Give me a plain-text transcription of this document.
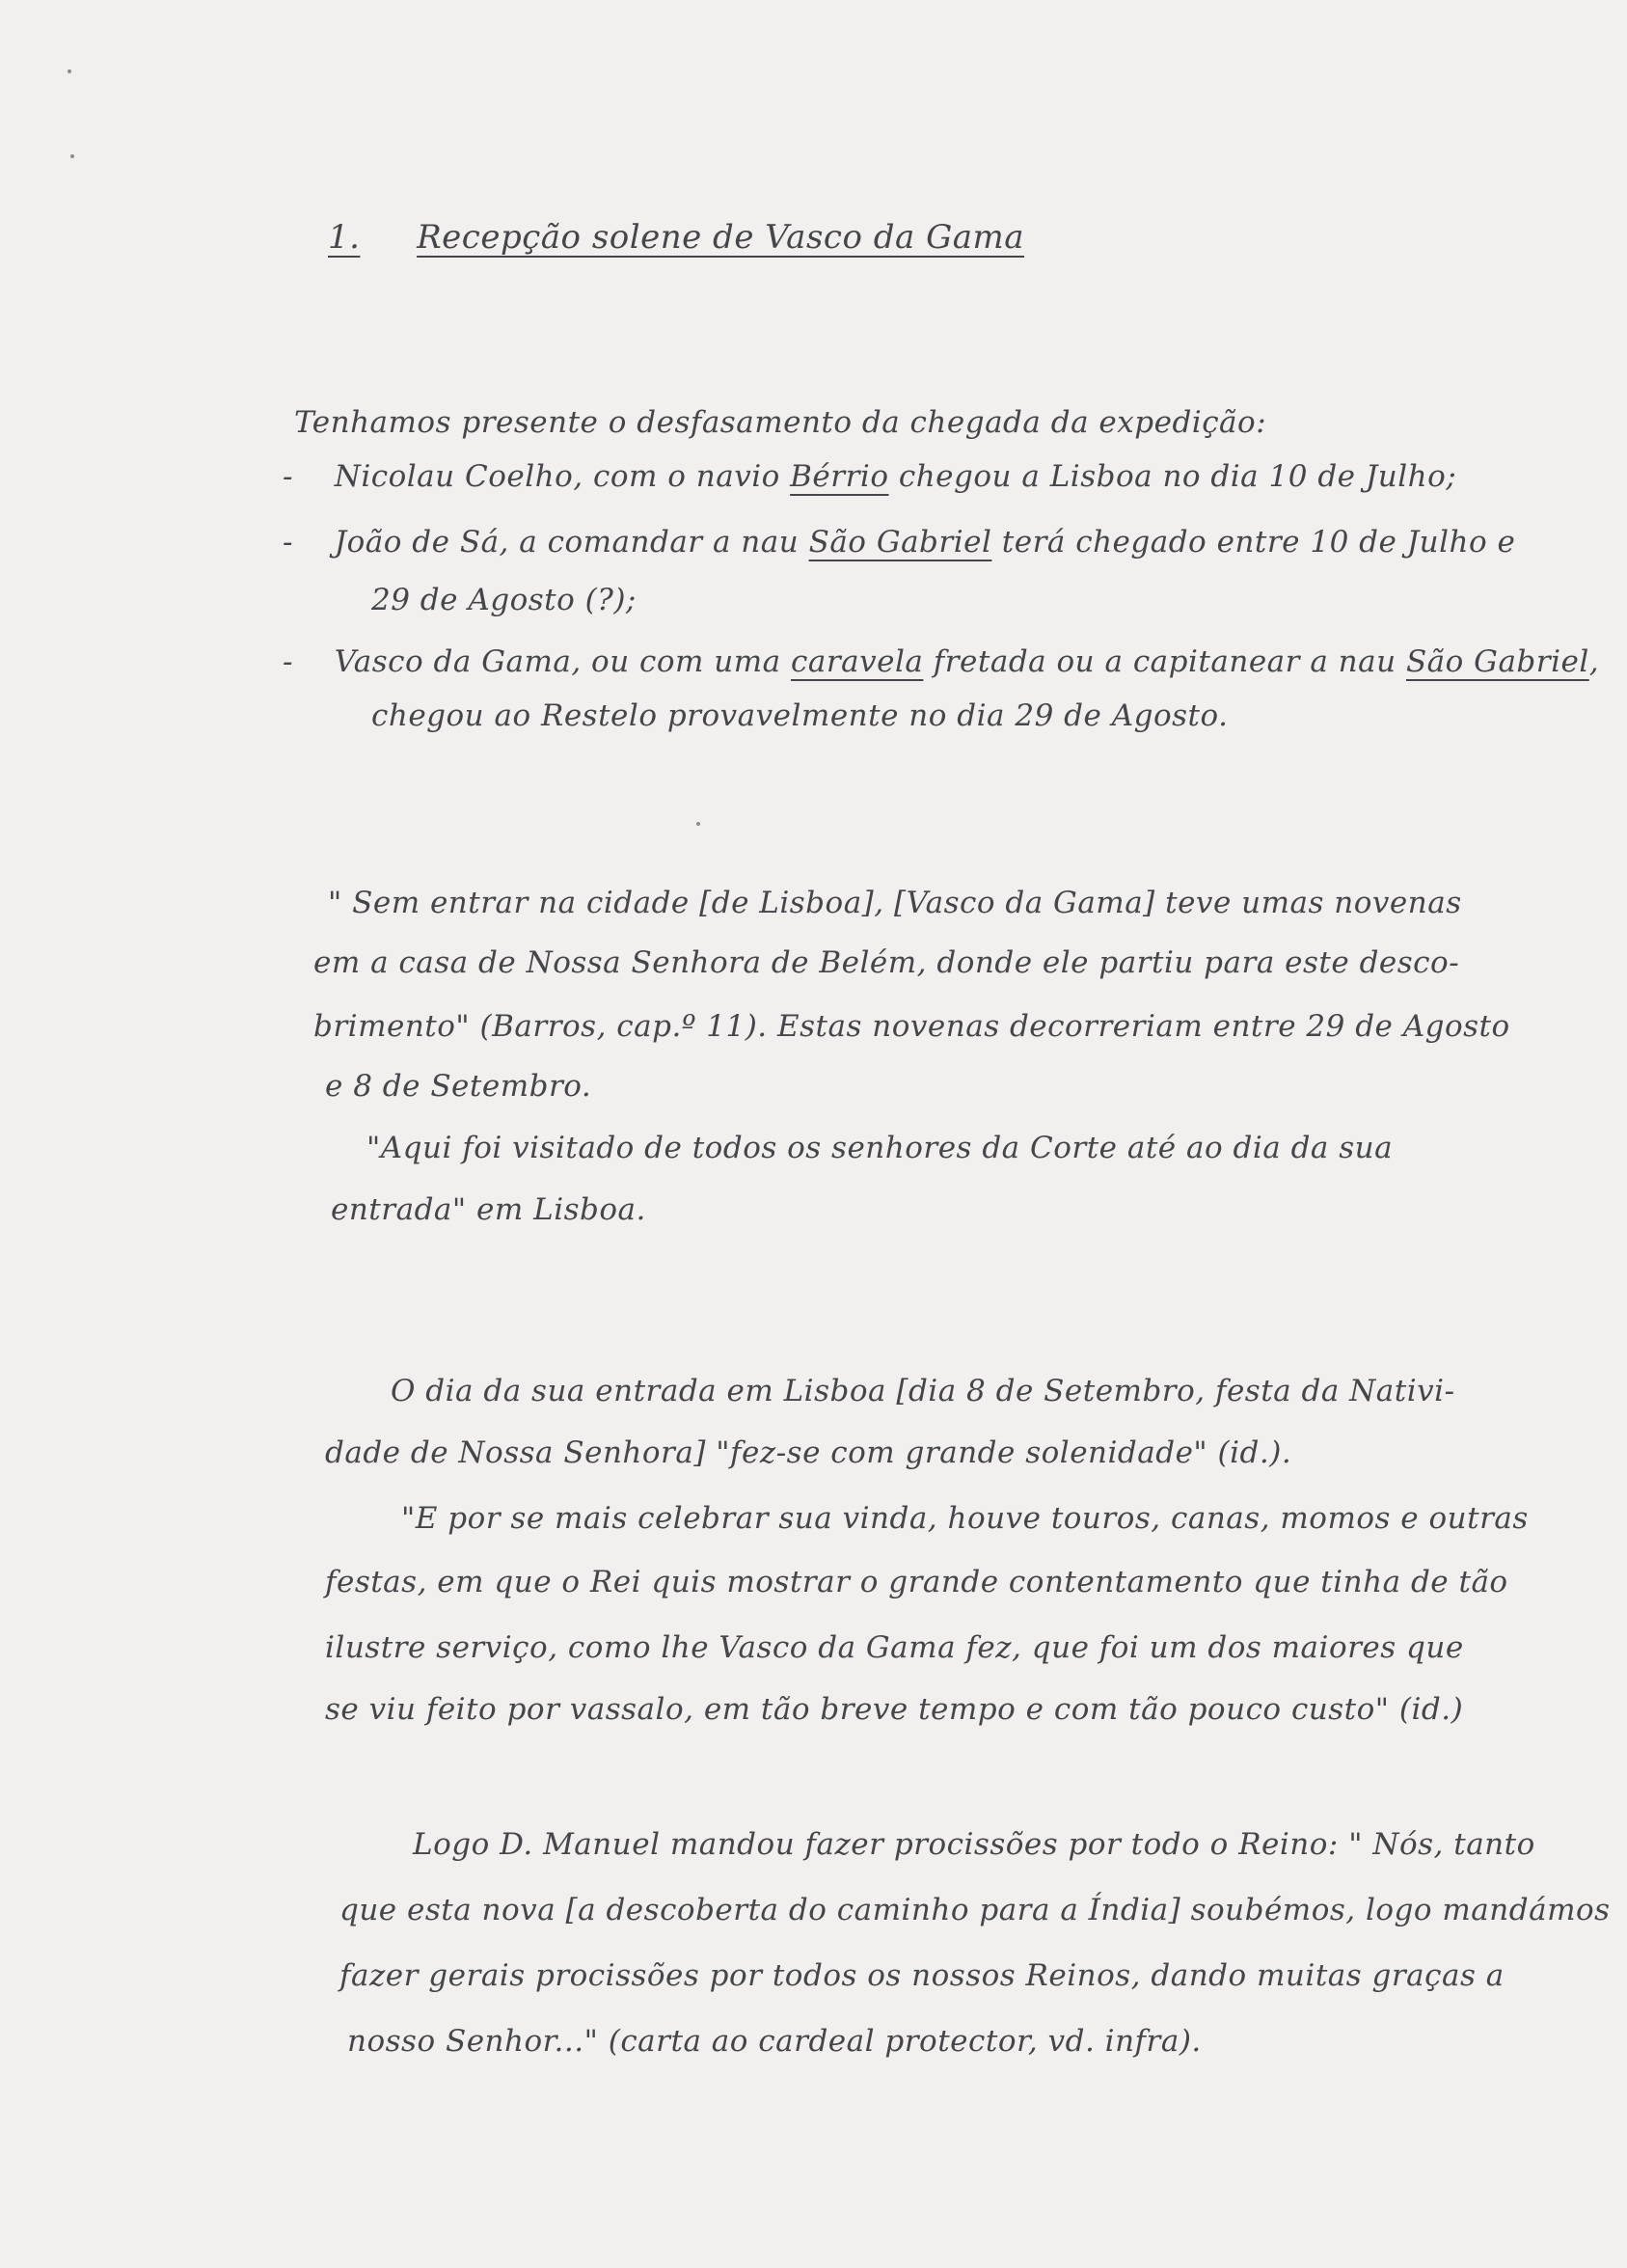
1. Recepção solene de Vasco da Gama
Tenhamos presente o desfasamento da chegada da expedição:
- Nicolau Coelho, com o navio Bérrio chegou a Lisboa no dia 10 de Julho;
- João de Sá, a comandar a nau São Gabriel terá chegado entre 10 de Julho e
29 de Agosto (?);
- Vasco da Gama, ou com uma caravela fretada ou a capitanear a nau São Gabriel,
chegou ao Restelo provavelmente no dia 29 de Agosto.
" Sem entrar na cidade [de Lisboa], [Vasco da Gama] teve umas novenas
em a casa de Nossa Senhora de Belém, donde ele partiu para este desco-
brimento" (Barros, cap.º 11). Estas novenas decorreriam entre 29 de Agosto
e 8 de Setembro.
"Aqui foi visitado de todos os senhores da Corte até ao dia da sua
entrada" em Lisboa.
O dia da sua entrada em Lisboa [dia 8 de Setembro, festa da Nativi-
dade de Nossa Senhora] "fez-se com grande solenidade" (id.).
"E por se mais celebrar sua vinda, houve touros, canas, momos e outras
festas, em que o Rei quis mostrar o grande contentamento que tinha de tão
ilustre serviço, como lhe Vasco da Gama fez, que foi um dos maiores que
se viu feito por vassalo, em tão breve tempo e com tão pouco custo" (id.)
Logo D. Manuel mandou fazer procissões por todo o Reino: " Nós, tanto
que esta nova [a descoberta do caminho para a Índia] soubémos, logo mandámos
fazer gerais procissões por todos os nossos Reinos, dando muitas graças a
nosso Senhor..." (carta ao cardeal protector, vd. infra).
